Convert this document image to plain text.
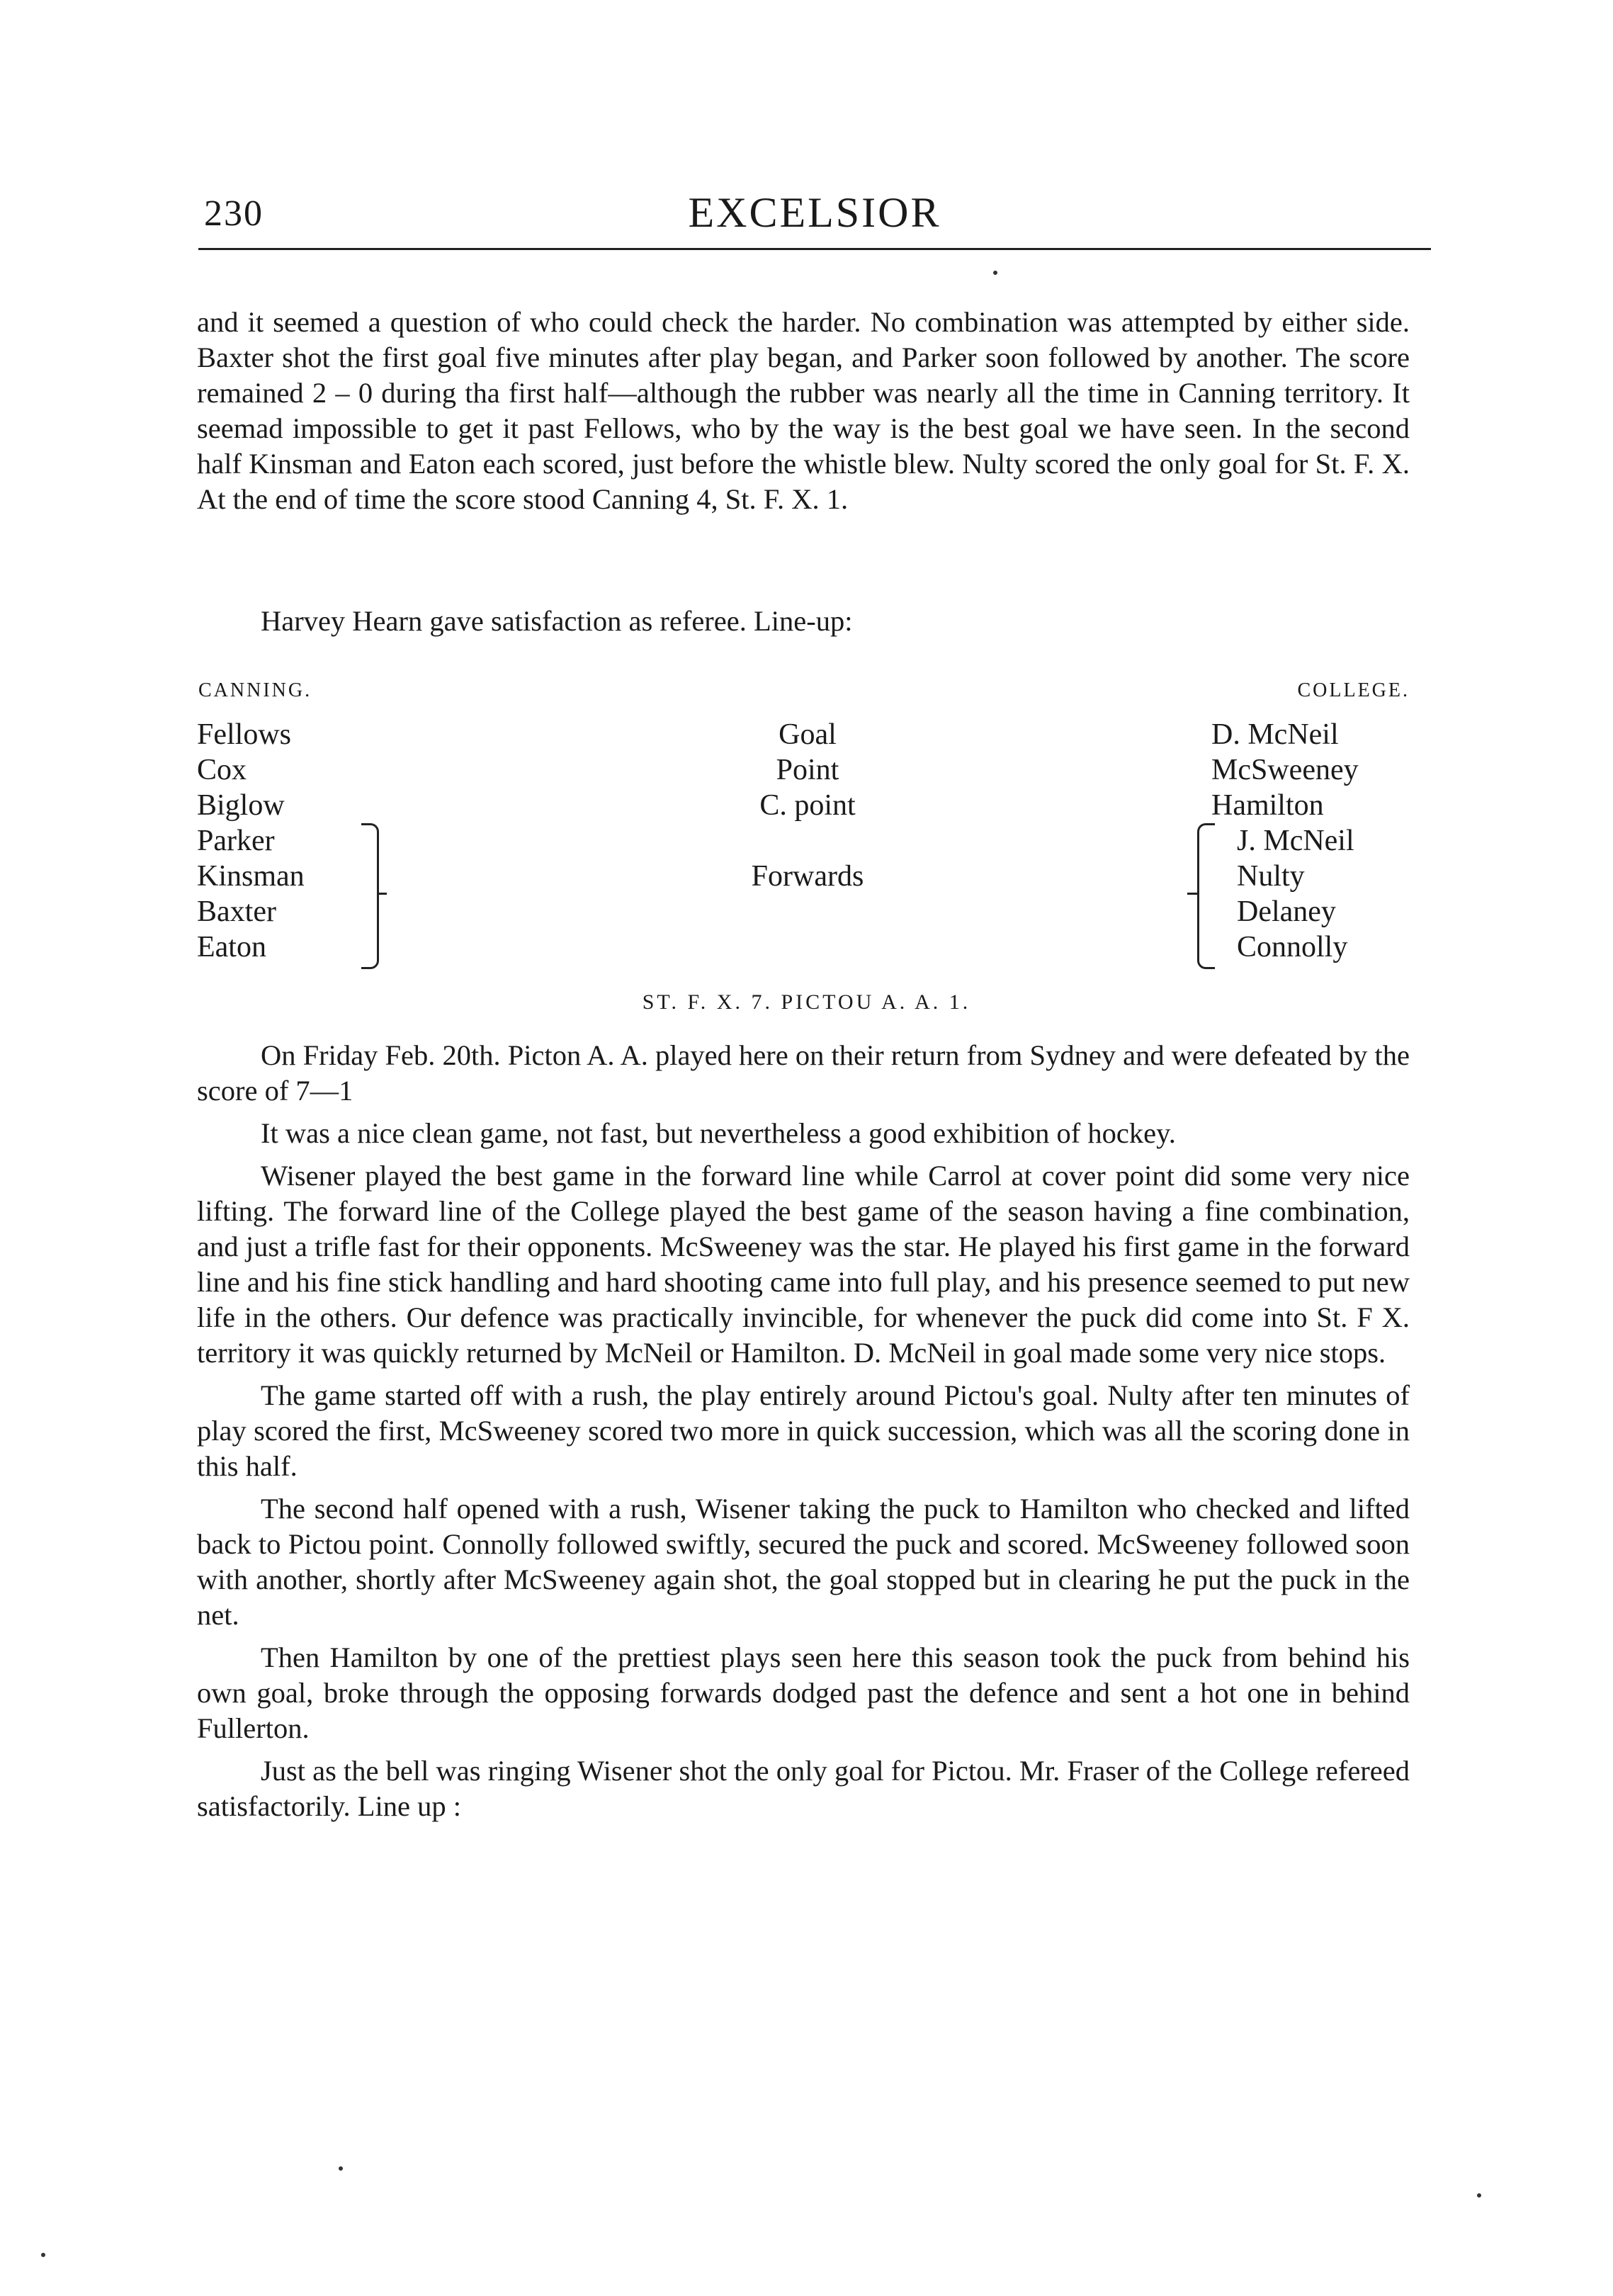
230	EXCELSIOR

and it seemed a question of who could check the harder. No combination was attempted by either side. Baxter shot the first goal five minutes after play began, and Parker soon followed by another. The score remained 2 – 0 during tha first half—although the rubber was nearly all the time in Canning territory. It seemad impossible to get it past Fellows, who by the way is the best goal we have seen. In the second half Kinsman and Eaton each scored, just before the whistle blew. Nulty scored the only goal for St. F. X. At the end of time the score stood Canning 4, St. F. X. 1.

Harvey Hearn gave satisfaction as referee. Line-up:

CANNING.	COLLEGE.
Fellows
Cox
Biglow
Parker
Kinsman
Baxter
Eaton
Goal
Point
C. point
Forwards
D. McNeil
McSweeney
Hamilton
J. McNeil
Nulty
Delaney
Connolly
ST. F. X. 7. PICTOU A. A. 1.

On Friday Feb. 20th. Picton A. A. played here on their return from Sydney and were defeated by the score of 7—1

It was a nice clean game, not fast, but nevertheless a good exhibition of hockey.

Wisener played the best game in the forward line while Carrol at cover point did some very nice lifting. The forward line of the College played the best game of the season having a fine combination, and just a trifle fast for their opponents. McSweeney was the star. He played his first game in the forward line and his fine stick handling and hard shooting came into full play, and his presence seemed to put new life in the others. Our defence was practically invincible, for whenever the puck did come into St. F X. territory it was quickly returned by McNeil or Hamilton. D. McNeil in goal made some very nice stops.

The game started off with a rush, the play entirely around Pictou's goal. Nulty after ten minutes of play scored the first, McSweeney scored two more in quick succession, which was all the scoring done in this half.

The second half opened with a rush, Wisener taking the puck to Hamilton who checked and lifted back to Pictou point. Connolly followed swiftly, secured the puck and scored. McSweeney followed soon with another, shortly after McSweeney again shot, the goal stopped but in clearing he put the puck in the net.

Then Hamilton by one of the prettiest plays seen here this season took the puck from behind his own goal, broke through the opposing forwards dodged past the defence and sent a hot one in behind Fullerton.

Just as the bell was ringing Wisener shot the only goal for Pictou. Mr. Fraser of the College refereed satisfactorily. Line up :
